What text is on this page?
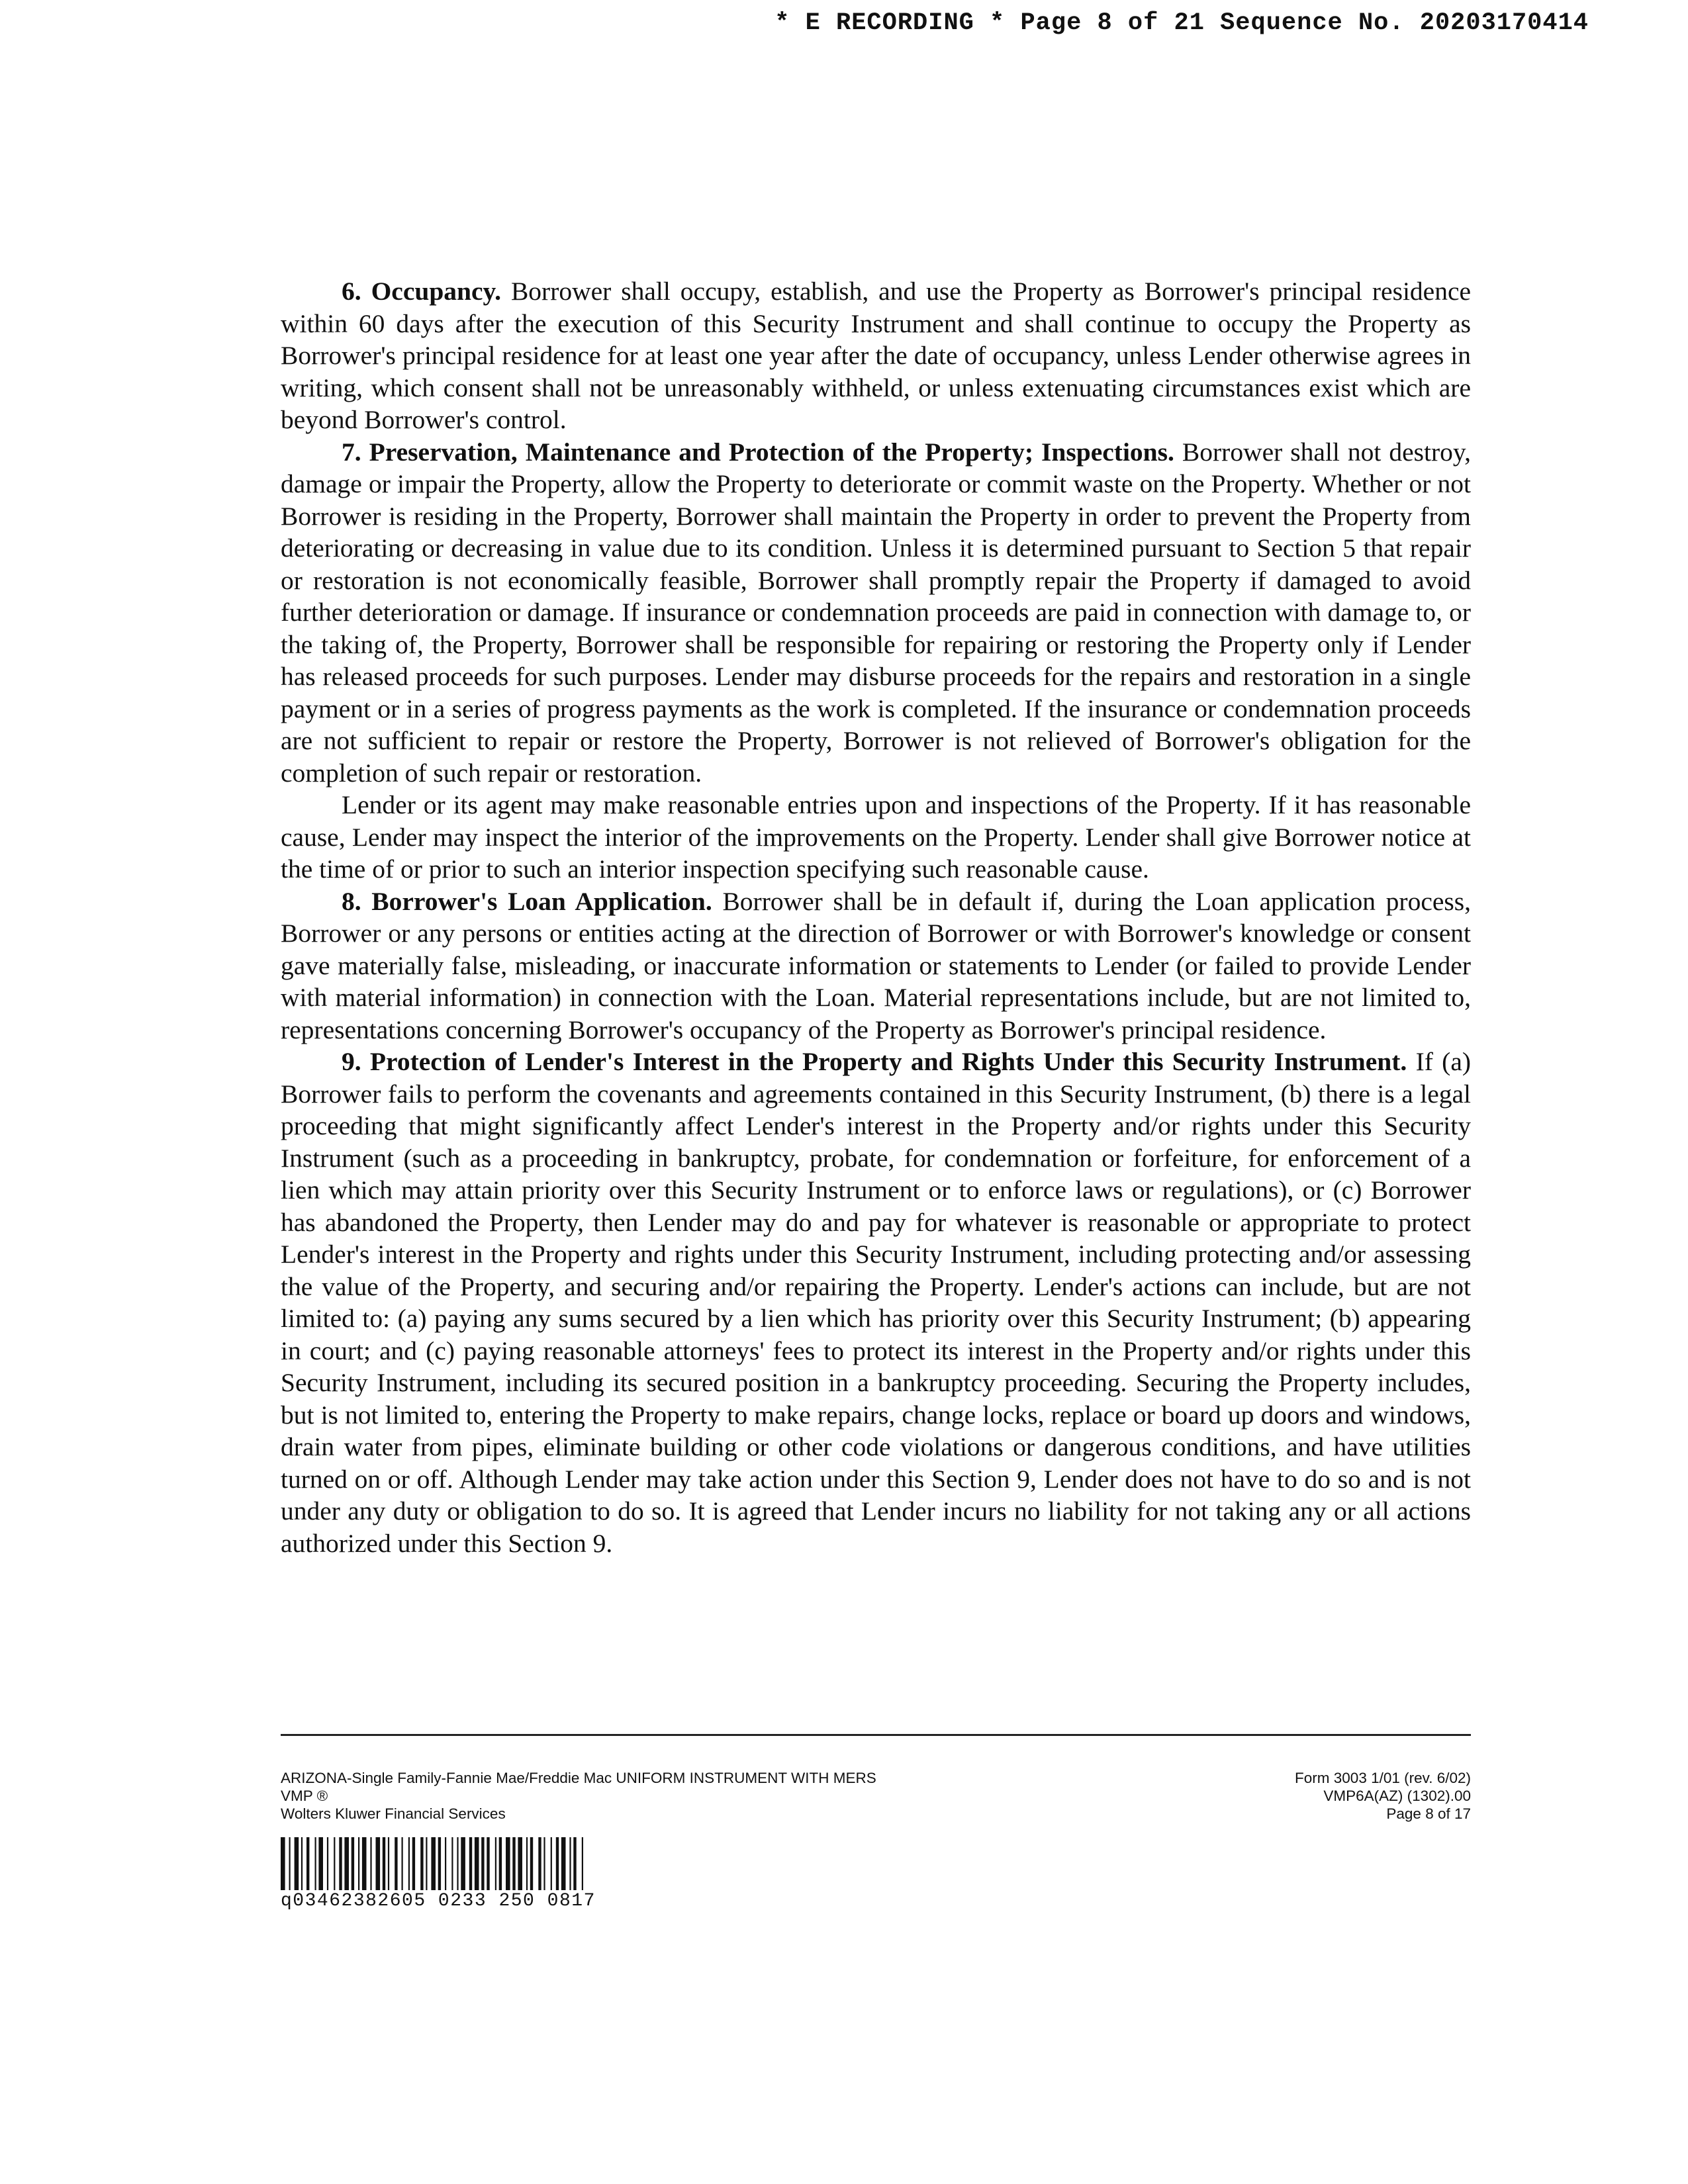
* E RECORDING * Page 8 of 21 Sequence No. 20203170414

6. Occupancy. Borrower shall occupy, establish, and use the Property as Borrower's principal residence within 60 days after the execution of this Security Instrument and shall continue to occupy the Property as Borrower's principal residence for at least one year after the date of occupancy, unless Lender otherwise agrees in writing, which consent shall not be unreasonably withheld, or unless extenuating circumstances exist which are beyond Borrower's control.

7. Preservation, Maintenance and Protection of the Property; Inspections. Borrower shall not destroy, damage or impair the Property, allow the Property to deteriorate or commit waste on the Property. Whether or not Borrower is residing in the Property, Borrower shall maintain the Property in order to prevent the Property from deteriorating or decreasing in value due to its condition. Unless it is determined pursuant to Section 5 that repair or restoration is not economically feasible, Borrower shall promptly repair the Property if damaged to avoid further deterioration or damage. If insurance or condemnation proceeds are paid in connection with damage to, or the taking of, the Property, Borrower shall be responsible for repairing or restoring the Property only if Lender has released proceeds for such purposes. Lender may disburse proceeds for the repairs and restoration in a single payment or in a series of progress payments as the work is completed. If the insurance or condemnation proceeds are not sufficient to repair or restore the Property, Borrower is not relieved of Borrower's obligation for the completion of such repair or restoration.

Lender or its agent may make reasonable entries upon and inspections of the Property. If it has reasonable cause, Lender may inspect the interior of the improvements on the Property. Lender shall give Borrower notice at the time of or prior to such an interior inspection specifying such reasonable cause.

8. Borrower's Loan Application. Borrower shall be in default if, during the Loan application process, Borrower or any persons or entities acting at the direction of Borrower or with Borrower's knowledge or consent gave materially false, misleading, or inaccurate information or statements to Lender (or failed to provide Lender with material information) in connection with the Loan. Material representations include, but are not limited to, representations concerning Borrower's occupancy of the Property as Borrower's principal residence.

9. Protection of Lender's Interest in the Property and Rights Under this Security Instrument. If (a) Borrower fails to perform the covenants and agreements contained in this Security Instrument, (b) there is a legal proceeding that might significantly affect Lender's interest in the Property and/or rights under this Security Instrument (such as a proceeding in bankruptcy, probate, for condemnation or forfeiture, for enforcement of a lien which may attain priority over this Security Instrument or to enforce laws or regulations), or (c) Borrower has abandoned the Property, then Lender may do and pay for whatever is reasonable or appropriate to protect Lender's interest in the Property and rights under this Security Instrument, including protecting and/or assessing the value of the Property, and securing and/or repairing the Property. Lender's actions can include, but are not limited to: (a) paying any sums secured by a lien which has priority over this Security Instrument; (b) appearing in court; and (c) paying reasonable attorneys' fees to protect its interest in the Property and/or rights under this Security Instrument, including its secured position in a bankruptcy proceeding. Securing the Property includes, but is not limited to, entering the Property to make repairs, change locks, replace or board up doors and windows, drain water from pipes, eliminate building or other code violations or dangerous conditions, and have utilities turned on or off. Although Lender may take action under this Section 9, Lender does not have to do so and is not under any duty or obligation to do so. It is agreed that Lender incurs no liability for not taking any or all actions authorized under this Section 9.

ARIZONA-Single Family-Fannie Mae/Freddie Mac UNIFORM INSTRUMENT WITH MERS
VMP ®
Wolters Kluwer Financial Services
Form 3003 1/01 (rev. 6/02)
VMP6A(AZ) (1302).00
Page 8 of 17
q03462382605 0233 250 0817
